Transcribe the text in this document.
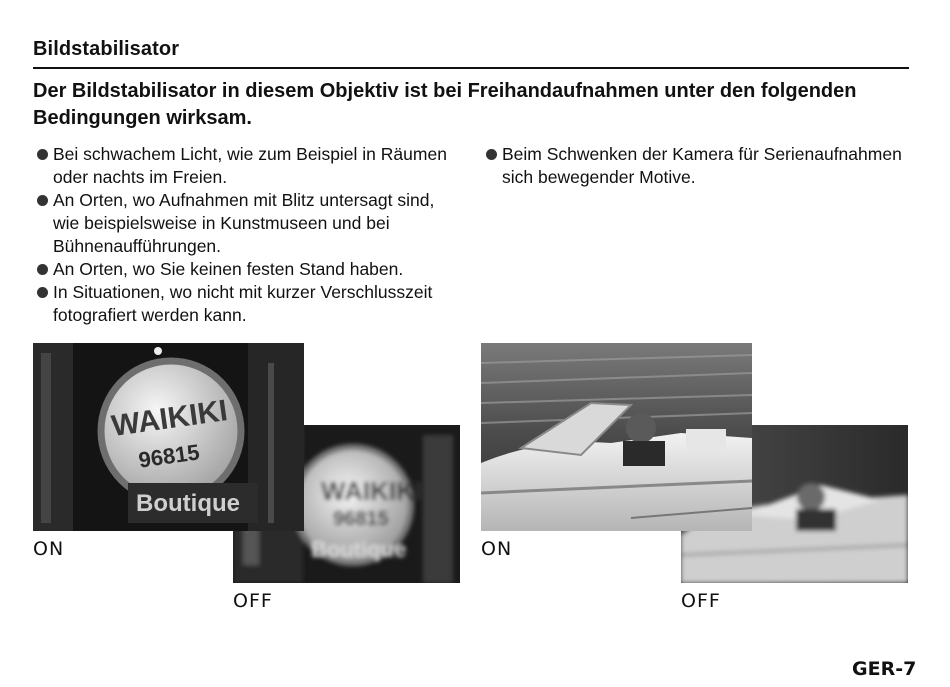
Bildstabilisator
Der Bildstabilisator in diesem Objektiv ist bei Freihandaufnahmen unter den folgenden Bedingungen wirksam.
Bei schwachem Licht, wie zum Beispiel in Räumen oder nachts im Freien.
An Orten, wo Aufnahmen mit Blitz untersagt sind, wie beispielsweise in Kunstmuseen und bei Bühnenaufführungen.
An Orten, wo Sie keinen festen Stand haben.
In Situationen, wo nicht mit kurzer Verschlusszeit fotografiert werden kann.
Beim Schwenken der Kamera für Serienaufnahmen sich bewegender Motive.
WAIKIKI
96815
Boutique
OFF
WAIKIKI
96815
Boutique
ON
OFF
ON
GER-7
